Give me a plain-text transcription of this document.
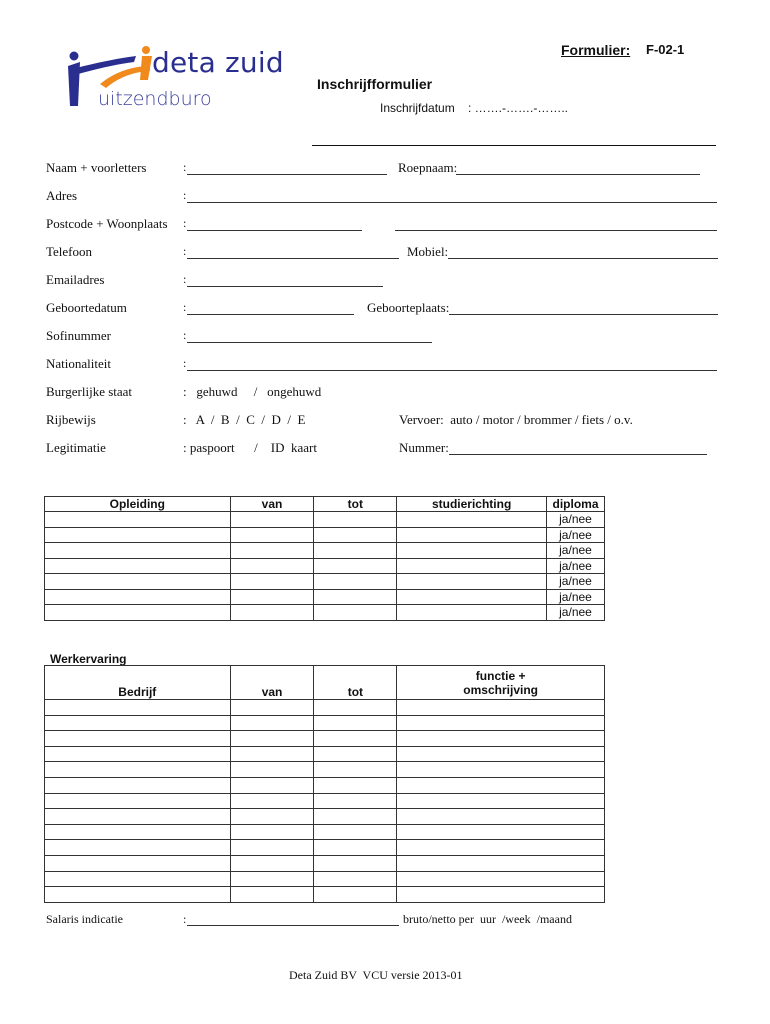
deta zuid
uitzendburo
Formulier: F-02-1
Inschrijfformulier
Inschrijfdatum : …….-…….-……..
Naam + voorletters	:	Roepnaam:
Adres	:
Postcode + Woonplaats :
Telefoon	:	Mobiel:
Emailadres	:
Geboortedatum	:	Geboorteplaats:
Sofinummer	:
Nationaliteit	:
Burgerlijke staat	:   gehuwd     /   ongehuwd
Rijbewijs	:   A  /  B  /  C  /  D  /  E	Vervoer:  auto / motor / brommer / fiets / o.v.
Legitimatie	: paspoort      /    ID  kaart	Nummer:
Opleiding	van	tot	studierichting	diploma
				ja/nee
				ja/nee
				ja/nee
				ja/nee
				ja/nee
				ja/nee
				ja/nee
Werkervaring
Bedrijf	van	tot	functie +
omschrijving

Salaris indicatie	:	bruto/netto per  uur  /week  /maand
Deta Zuid BV  VCU versie 2013-01
